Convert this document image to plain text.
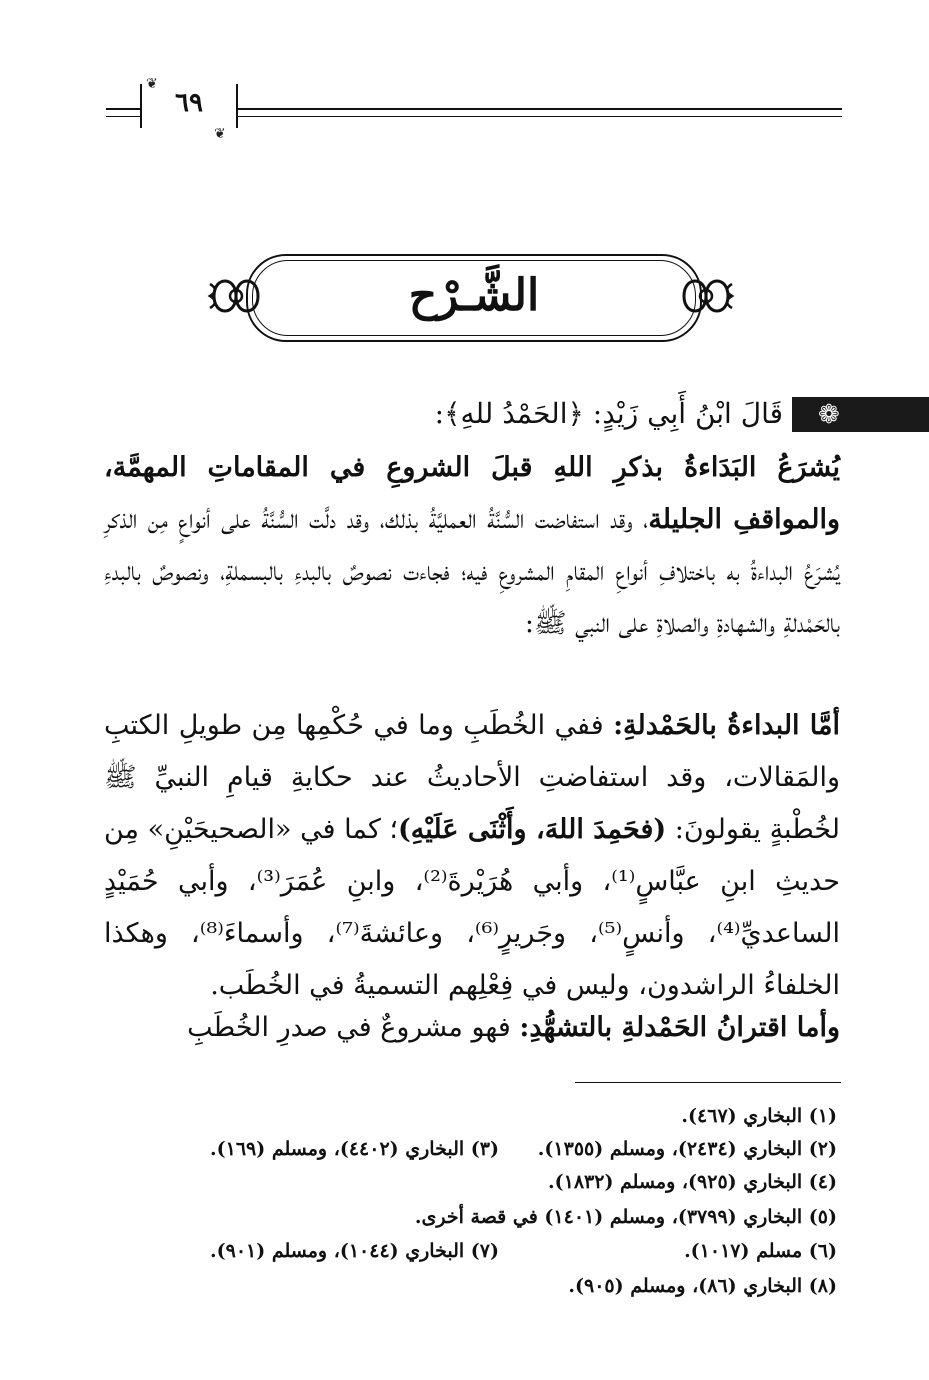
٦٩
❦
❦
الشَّـرْح
❁
قَالَ ابْنُ أَبِي زَيْدٍ: ﴿الحَمْدُ للهِ﴾:
يُشرَعُ البَدَاءةُ بذكرِ اللهِ قبلَ الشروعِ في المقاماتِ المهمَّة، والمواقفِ الجليلة، وقد استفاضت السُّنَّةُ العمليَّةُ بذلك، وقد دلَّت السُّنَّةُ على أنواعٍ مِن الذكرِ يُشرَعُ البداءةُ به باختلافِ أنواعِ المقامِ المشروعِ فيه؛ فجاءت نصوصٌ بالبدءِ بالبسملةِ، ونصوصٌ بالبدءِ بالحَمْدلةِ والشهادةِ والصلاةِ على النبي ﷺ:
أمَّا البداءةُ بالحَمْدلةِ: ففي الخُطَبِ وما في حُكْمِها مِن طويلِ الكتبِ والمَقالات، وقد استفاضتِ الأحاديثُ عند حكايةِ قيامِ النبيِّ ﷺ لخُطْبةٍ يقولونَ: (فحَمِدَ اللهَ، وأَثْنَى عَلَيْهِ)؛ كما في «الصحيحَيْنِ» مِن حديثِ ابنِ عبَّاسٍ⁽¹⁾، وأبي هُرَيْرةَ⁽²⁾، وابنِ عُمَرَ⁽³⁾، وأبي حُمَيْدٍ الساعديِّ⁽⁴⁾، وأنسٍ⁽⁵⁾، وجَريرٍ⁽⁶⁾، وعائشةَ⁽⁷⁾، وأسماءَ⁽⁸⁾، وهكذا الخلفاءُ الراشدون، وليس في فِعْلِهم التسميةُ في الخُطَب.
وأما اقترانُ الحَمْدلةِ بالتشهُّدِ: فهو مشروعٌ في صدرِ الخُطَبِ
(١) البخاري (٤٦٧).
(٢) البخاري (٢٤٣٤)، ومسلم (١٣٥٥).
(٣) البخاري (٤٤٠٢)، ومسلم (١٦٩).
(٤) البخاري (٩٢٥)، ومسلم (١٨٣٢).
(٥) البخاري (٣٧٩٩)، ومسلم (١٤٠١) في قصة أخرى.
(٦) مسلم (١٠١٧).
(٧) البخاري (١٠٤٤)، ومسلم (٩٠١).
(٨) البخاري (٨٦)، ومسلم (٩٠٥).
